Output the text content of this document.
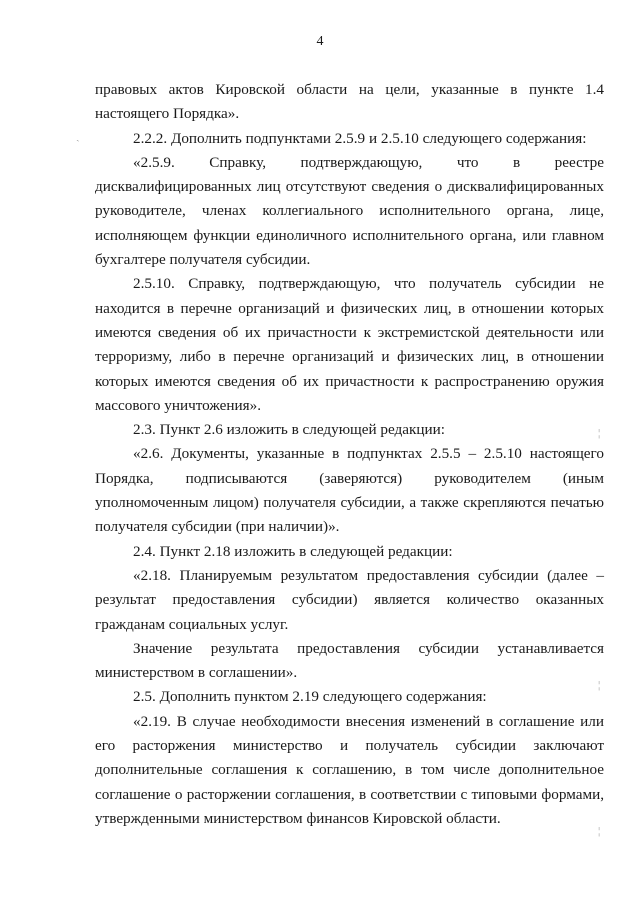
4

правовых актов Кировской области на цели, указанные в пункте 1.4 настоящего Порядка».

2.2.2. Дополнить подпунктами 2.5.9 и 2.5.10 следующего содержания:

«2.5.9. Справку, подтверждающую, что в реестре дисквалифицированных лиц отсутствуют сведения о дисквалифицированных руководителе, членах коллегиального исполнительного органа, лице, исполняющем функции единоличного исполнительного органа, или главном бухгалтере получателя субсидии.

2.5.10. Справку, подтверждающую, что получатель субсидии не находится в перечне организаций и физических лиц, в отношении которых имеются сведения об их причастности к экстремистской деятельности или терроризму, либо в перечне организаций и физических лиц, в отношении которых имеются сведения об их причастности к распространению оружия массового уничтожения».

2.3. Пункт 2.6 изложить в следующей редакции:

«2.6. Документы, указанные в подпунктах 2.5.5 – 2.5.10 настоящего Порядка, подписываются (заверяются) руководителем (иным уполномоченным лицом) получателя субсидии, а также скрепляются печатью получателя субсидии (при наличии)».

2.4. Пункт 2.18 изложить в следующей редакции:

«2.18. Планируемым результатом предоставления субсидии (далее – результат предоставления субсидии) является количество оказанных гражданам социальных услуг.

Значение результата предоставления субсидии устанавливается министерством в соглашении».

2.5. Дополнить пунктом 2.19 следующего содержания:

«2.19. В случае необходимости внесения изменений в соглашение или его расторжения министерство и получатель субсидии заключают дополнительные соглашения к соглашению, в том числе дополнительное соглашение о расторжении соглашения, в соответствии с типовыми формами, утвержденными министерством финансов Кировской области.

ˏ
¦
¦
¦
